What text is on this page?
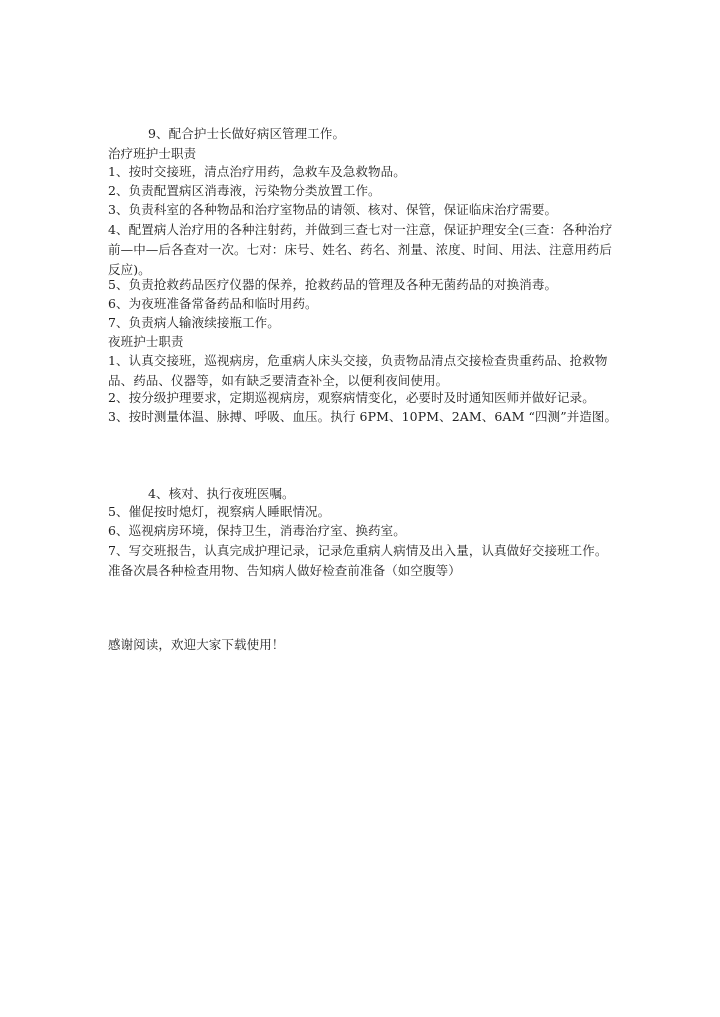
9、配合护士长做好病区管理工作。
治疗班护士职责
1、按时交接班，清点治疗用药，急救车及急救物品。
2、负责配置病区消毒液，污染物分类放置工作。
3、负责科室的各种物品和治疗室物品的请领、核对、保管，保证临床治疗需要。
4、配置病人治疗用的各种注射药，并做到三查七对一注意，保证护理安全(三查：各种治疗前—中—后各查对一次。七对：床号、姓名、药名、剂量、浓度、时间、用法、注意用药后反应)。
5、负责抢救药品医疗仪器的保养，抢救药品的管理及各种无菌药品的对换消毒。
6、为夜班准备常备药品和临时用药。
7、负责病人输液续接瓶工作。
夜班护士职责
1、认真交接班，巡视病房，危重病人床头交接，负责物品清点交接检查贵重药品、抢救物品、药品、仪器等，如有缺乏要清查补全，以便利夜间使用。
2、按分级护理要求，定期巡视病房，观察病情变化，必要时及时通知医师并做好记录。
3、按时测量体温、脉搏、呼吸、血压。执行 6PM、10PM、2AM、6AM “四测”并造图。
4、核对、执行夜班医嘱。
5、催促按时熄灯，视察病人睡眠情况。
6、巡视病房环境，保持卫生，消毒治疗室、换药室。
7、写交班报告，认真完成护理记录，记录危重病人病情及出入量，认真做好交接班工作。准备次晨各种检查用物、告知病人做好检查前准备（如空腹等）
感谢阅读，欢迎大家下载使用！
